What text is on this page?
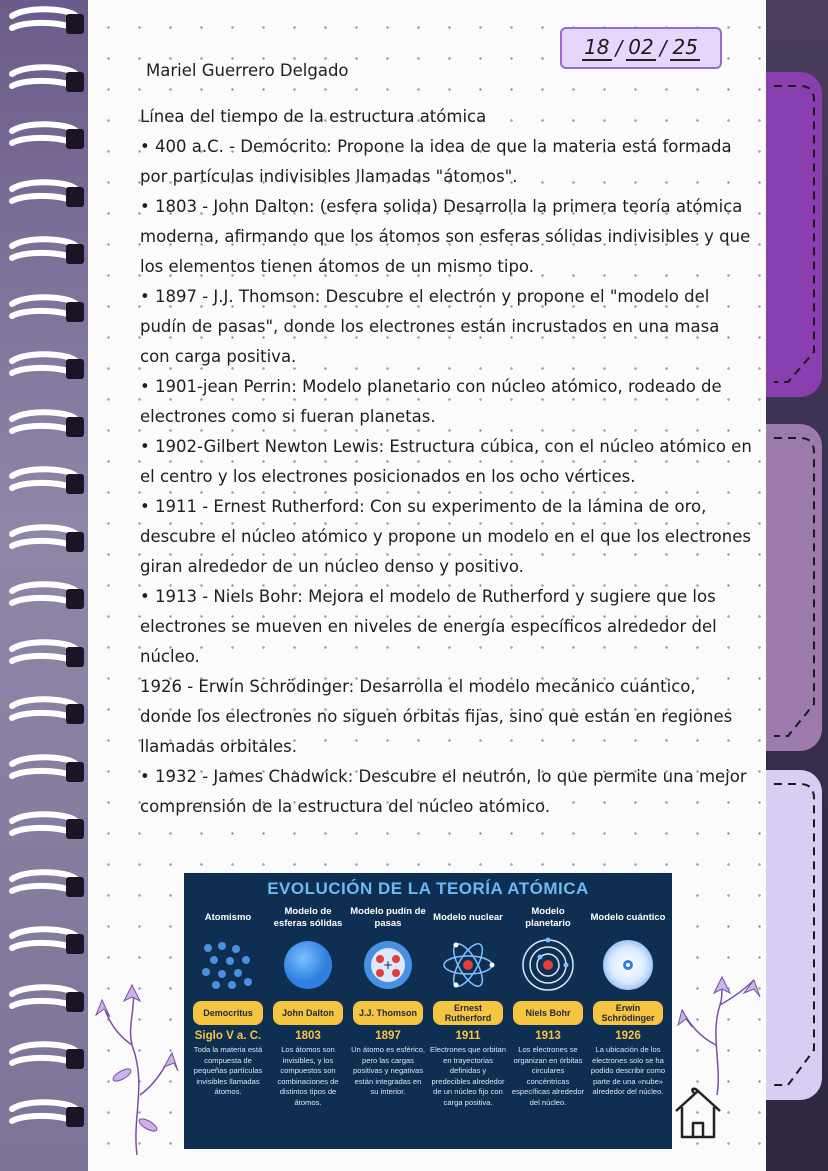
18 / 02 / 25
Mariel Guerrero Delgado

Línea del tiempo de la estructura atómica

• 400 a.C. - Demócrito: Propone la idea de que la materia está formada por partículas indivisibles llamadas "átomos".

• 1803 - John Dalton: (esfera solida) Desarrolla la primera teoría atómica moderna, afirmando que los átomos son esferas sólidas indivisibles y que los elementos tienen átomos de un mismo tipo.

• 1897 - J.J. Thomson: Descubre el electrón y propone el "modelo del pudín de pasas", donde los electrones están incrustados en una masa con carga positiva.

• 1901-jean Perrin: Modelo planetario con núcleo atómico, rodeado de electrones como si fueran planetas.

• 1902-Gilbert Newton Lewis: Estructura cúbica, con el núcleo atómico en el centro y los electrones posicionados en los ocho vértices.

• 1911 - Ernest Rutherford: Con su experimento de la lámina de oro, descubre el núcleo atómico y propone un modelo en el que los electrones giran alrededor de un núcleo denso y positivo.

• 1913 - Niels Bohr: Mejora el modelo de Rutherford y sugiere que los electrones se mueven en niveles de energía específicos alrededor del núcleo.

1926 - Erwin Schrödinger: Desarrolla el modelo mecánico cuántico, donde los electrones no siguen órbitas fijas, sino que están en regiones llamadas orbitales.

• 1932 - James Chadwick: Descubre el neutrón, lo que permite una mejor comprensión de la estructura del núcleo atómico.

EVOLUCIÓN DE LA TEORÍA ATÓMICA
Atomismo
Democritus
Siglo V a. C.
Toda la materia está compuesta de pequeñas partículas invisibles llamadas átomos.
Modelo de esferas sólidas
John Dalton
1803
Los átomos son invisibles, y los compuestos son combinaciones de distintos tipos de átomos.
Modelo pudín de pasas
+
J.J. Thomson
1897
Un átomo es esférico, pero las cargas positivas y negativas están integradas en su interior.
Modelo nuclear
Ernest Rutherford
1911
Electrones que orbitan en trayectorias definidas y predecibles alrededor de un núcleo fijo con carga positiva.
Modelo planetario
Niels Bohr
1913
Los electrones se organizan en órbitas circulares concéntricas específicas alrededor del núcleo.
Modelo cuántico
Erwin Schrödinger
1926
La ubicación de los electrones solo se ha podido describir como parte de una «nube» alrededor del núcleo.
